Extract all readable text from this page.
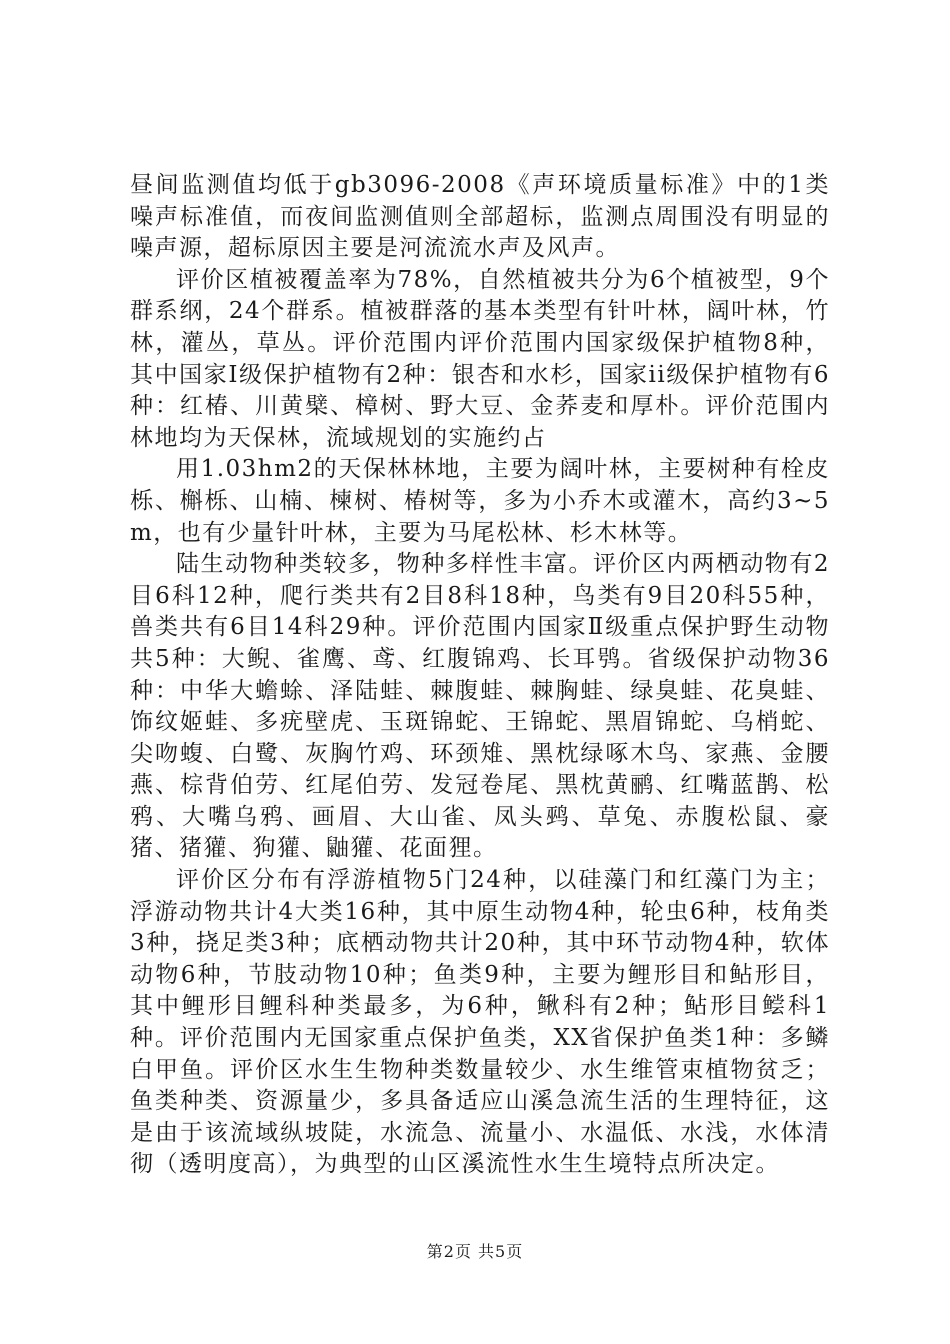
昼间监测值均低于gb3096-2008《声环境质量标准》中的1类噪声标准值，而夜间监测值则全部超标，监测点周围没有明显的噪声源，超标原因主要是河流流水声及风声。

评价区植被覆盖率为78%，自然植被共分为6个植被型，9个群系纲，24个群系。植被群落的基本类型有针叶林，阔叶林，竹林，灌丛，草丛。评价范围内评价范围内国家级保护植物8种，其中国家Ⅰ级保护植物有2种：银杏和水杉，国家ii级保护植物有6种：红椿、川黄檗、樟树、野大豆、金荞麦和厚朴。评价范围内林地均为天保林，流域规划的实施约占

用1.03hm2的天保林林地，主要为阔叶林，主要树种有栓皮栎、槲栎、山楠、楝树、椿树等，多为小乔木或灌木，高约3~5m，也有少量针叶林，主要为马尾松林、杉木林等。

陆生动物种类较多，物种多样性丰富。评价区内两栖动物有2目6科12种，爬行类共有2目8科18种，鸟类有9目20科55种，兽类共有6目14科29种。评价范围内国家Ⅱ级重点保护野生动物共5种：大鲵、雀鹰、鸢、红腹锦鸡、长耳鸮。省级保护动物36种：中华大蟾蜍、泽陆蛙、棘腹蛙、棘胸蛙、绿臭蛙、花臭蛙、饰纹姬蛙、多疣壁虎、玉斑锦蛇、王锦蛇、黑眉锦蛇、乌梢蛇、尖吻蝮、白鹭、灰胸竹鸡、环颈雉、黑枕绿啄木鸟、家燕、金腰燕、棕背伯劳、红尾伯劳、发冠卷尾、黑枕黄鹂、红嘴蓝鹊、松鸦、大嘴乌鸦、画眉、大山雀、凤头鹀、草兔、赤腹松鼠、豪猪、猪獾、狗獾、鼬獾、花面狸。

评价区分布有浮游植物5门24种，以硅藻门和红藻门为主；浮游动物共计4大类16种，其中原生动物4种，轮虫6种，枝角类3种，挠足类3种；底栖动物共计20种，其中环节动物4种，软体动物6种，节肢动物10种；鱼类9种，主要为鲤形目和鲇形目，其中鲤形目鲤科种类最多，为6种，鳅科有2种；鲇形目鲿科1种。评价范围内无国家重点保护鱼类，XX省保护鱼类1种：多鳞白甲鱼。评价区水生生物种类数量较少、水生维管束植物贫乏；鱼类种类、资源量少，多具备适应山溪急流生活的生理特征，这是由于该流域纵坡陡，水流急、流量小、水温低、水浅，水体清彻（透明度高），为典型的山区溪流性水生生境特点所决定。

第2页 共5页
